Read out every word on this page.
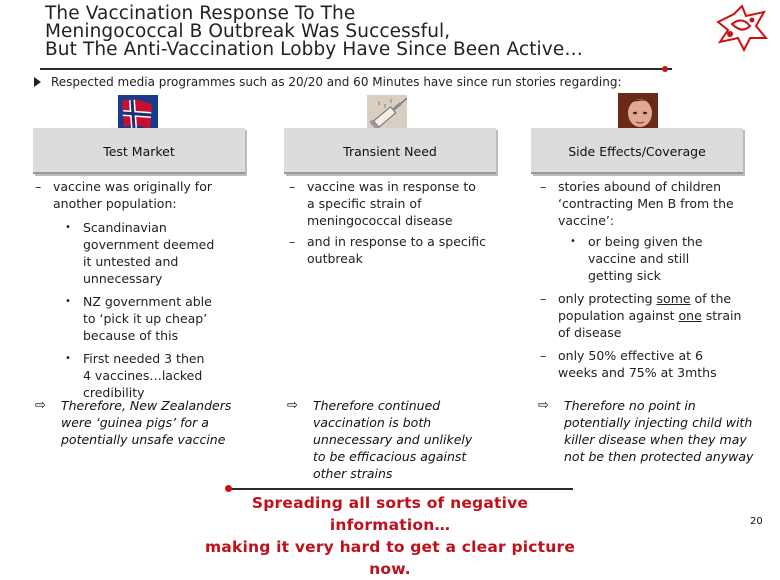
The Vaccination Response To The
Meningococcal B Outbreak Was Successful,
But The Anti-Vaccination Lobby Have Since Been Active…
Respected media programmes such as 20/20 and 60 Minutes have since run stories regarding:
Test Market	Transient Need	Side Effects/Coverage
– vaccine was originally for another population:
• Scandinavian government deemed it untested and unnecessary
• NZ government able to ‘pick it up cheap’ because of this
• First needed 3 then 4 vaccines…lacked credibility
⇨ Therefore, New Zealanders were ‘guinea pigs’ for a potentially unsafe vaccine
– vaccine was in response to a specific strain of meningococcal disease
– and in response to a specific outbreak
⇨ Therefore continued vaccination is both unnecessary and unlikely to be efficacious against other strains
– stories abound of children ‘contracting Men B from the vaccine’:
• or being given the vaccine and still getting sick
– only protecting some of the population against one strain of disease
– only 50% effective at 6 weeks and 75% at 3mths
⇨ Therefore no point in potentially injecting child with killer disease when they may not be then protected anyway
Spreading all sorts of negative information…
making it very hard to get a clear picture now.
20
